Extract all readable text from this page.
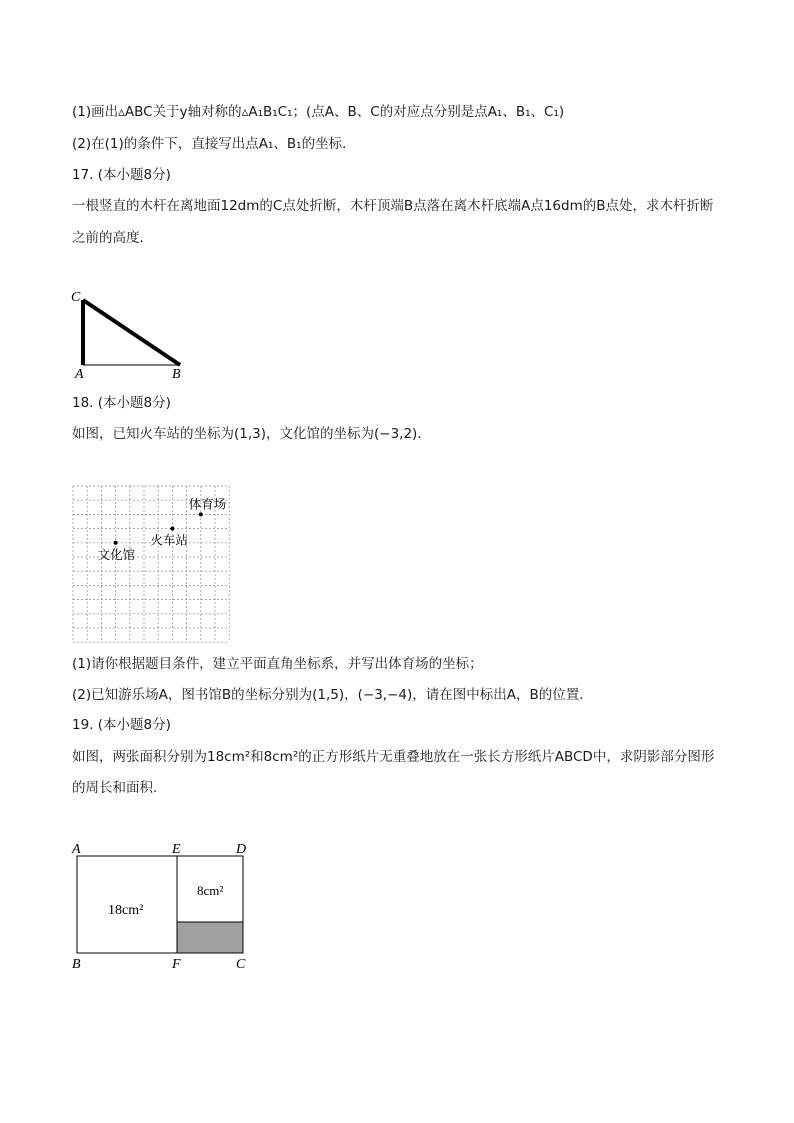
(1)画出▵ABC关于y轴对称的▵A₁B₁C₁；(点A、B、C的对应点分别是点A₁、B₁、C₁)
(2)在(1)的条件下，直接写出点A₁、B₁的坐标．
17. (本小题8分)
一根竖直的木杆在离地面12dm的C点处折断，木杆顶端B点落在离木杆底端A点16dm的B点处，求木杆折断
之前的高度．
C
A	B
18. (本小题8分)
如图，已知火车站的坐标为(1,3)，文化馆的坐标为(−3,2)．
体育场
火车站
文化馆
(1)请你根据题目条件，建立平面直角坐标系，并写出体育场的坐标；
(2)已知游乐场A，图书馆B的坐标分别为(1,5)，(−3,−4)，请在图中标出A，B的位置．
19. (本小题8分)
如图，两张面积分别为18cm²和8cm²的正方形纸片无重叠地放在一张长方形纸片ABCD中，求阴影部分图形
的周长和面积．
A	E	D
B	F	C
18cm²
8cm²
